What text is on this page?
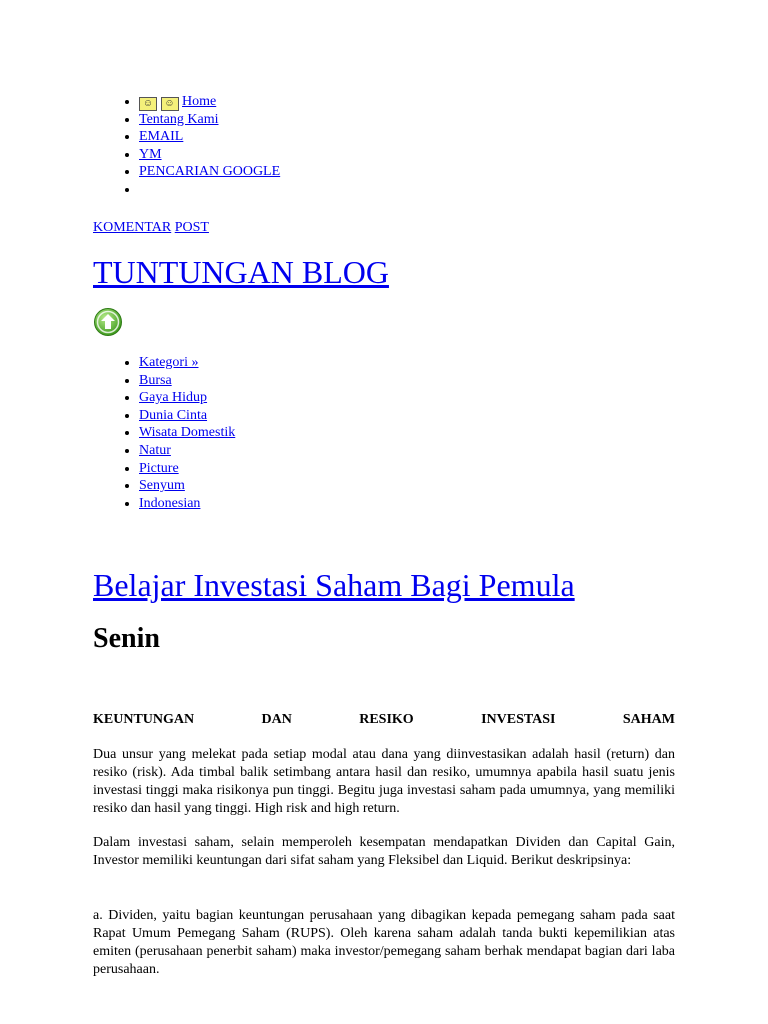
• ☺ ☺ Home
• Tentang Kami
• EMAIL
• YM
• PENCARIAN GOOGLE
•
KOMENTAR POST
TUNTUNGAN BLOG
• Kategori »
• Bursa
• Gaya Hidup
• Dunia Cinta
• Wisata Domestik
• Natur
• Picture
• Senyum
• Indonesian
Belajar Investasi Saham Bagi Pemula
Senin
KEUNTUNGAN	DAN	RESIKO	INVESTASI	SAHAM

Dua unsur yang melekat pada setiap modal atau dana yang diinvestasikan adalah hasil (return) dan resiko (risk). Ada timbal balik setimbang antara hasil dan resiko, umumnya apabila hasil suatu jenis investasi tinggi maka risikonya pun tinggi. Begitu juga investasi saham pada umumnya, yang memiliki resiko dan hasil yang tinggi. High risk and high return.

Dalam investasi saham, selain memperoleh kesempatan mendapatkan Dividen dan Capital Gain, Investor memiliki keuntungan dari sifat saham yang Fleksibel dan Liquid. Berikut deskripsinya:

a. Dividen, yaitu bagian keuntungan perusahaan yang dibagikan kepada pemegang saham pada saat Rapat Umum Pemegang Saham (RUPS). Oleh karena saham adalah tanda bukti kepemilikian atas emiten (perusahaan penerbit saham) maka investor/pemegang saham berhak mendapat bagian dari laba perusahaan.
